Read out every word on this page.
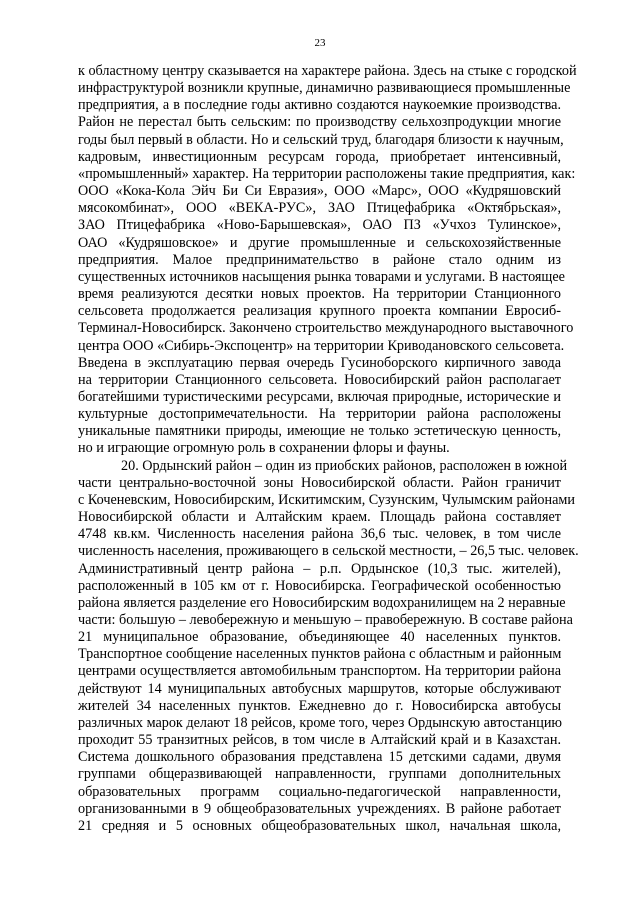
23
к областному центру сказывается на характере района. Здесь на стыке с городской
инфраструктурой возникли крупные, динамично развивающиеся промышленные
предприятия, а в последние годы активно создаются наукоемкие производства.
Район не перестал быть сельским: по производству сельхозпродукции многие
годы был первый в области. Но и сельский труд, благодаря близости к научным,
кадровым, инвестиционным ресурсам города, приобретает интенсивный,
«промышленный» характер. На территории расположены такие предприятия, как:
ООО «Кока-Кола Эйч Би Си Евразия», ООО «Марс», ООО «Кудряшовский
мясокомбинат», ООО «ВЕКА-РУС», ЗАО Птицефабрика «Октябрьская»,
ЗАО Птицефабрика «Ново-Барышевская», ОАО ПЗ «Учхоз Тулинское»,
ОАО «Кудряшовское» и другие промышленные и сельскохозяйственные
предприятия. Малое предпринимательство в районе стало одним из
существенных источников насыщения рынка товарами и услугами. В настоящее
время реализуются десятки новых проектов. На территории Станционного
сельсовета продолжается реализация крупного проекта компании Евросиб-
Терминал-Новосибирск. Закончено строительство международного выставочного
центра ООО «Сибирь-Экспоцентр» на территории Криводановского сельсовета.
Введена в эксплуатацию первая очередь Гусиноборского кирпичного завода
на территории Станционного сельсовета. Новосибирский район располагает
богатейшими туристическими ресурсами, включая природные, исторические и
культурные достопримечательности. На территории района расположены
уникальные памятники природы, имеющие не только эстетическую ценность,
но и играющие огромную роль в сохранении флоры и фауны.
20. Ордынский район – один из приобских районов, расположен в южной
части центрально-восточной зоны Новосибирской области. Район граничит
с Коченевским, Новосибирским, Искитимским, Сузунским, Чулымским районами
Новосибирской области и Алтайским краем. Площадь района составляет
4748 кв.км. Численность населения района 36,6 тыс. человек, в том числе
численность населения, проживающего в сельской местности, – 26,5 тыс. человек.
Административный центр района – р.п. Ордынское (10,3 тыс. жителей),
расположенный в 105 км от г. Новосибирска. Географической особенностью
района является разделение его Новосибирским водохранилищем на 2 неравные
части: большую – левобережную и меньшую – правобережную. В составе района
21 муниципальное образование, объединяющее 40 населенных пунктов.
Транспортное сообщение населенных пунктов района с областным и районным
центрами осуществляется автомобильным транспортом. На территории района
действуют 14 муниципальных автобусных маршрутов, которые обслуживают
жителей 34 населенных пунктов. Ежедневно до г. Новосибирска автобусы
различных марок делают 18 рейсов, кроме того, через Ордынскую автостанцию
проходит 55 транзитных рейсов, в том числе в Алтайский край и в Казахстан.
Система дошкольного образования представлена 15 детскими садами, двумя
группами общеразвивающей направленности, группами дополнительных
образовательных программ социально-педагогической направленности,
организованными в 9 общеобразовательных учреждениях. В районе работает
21 средняя и 5 основных общеобразовательных школ, начальная школа,
